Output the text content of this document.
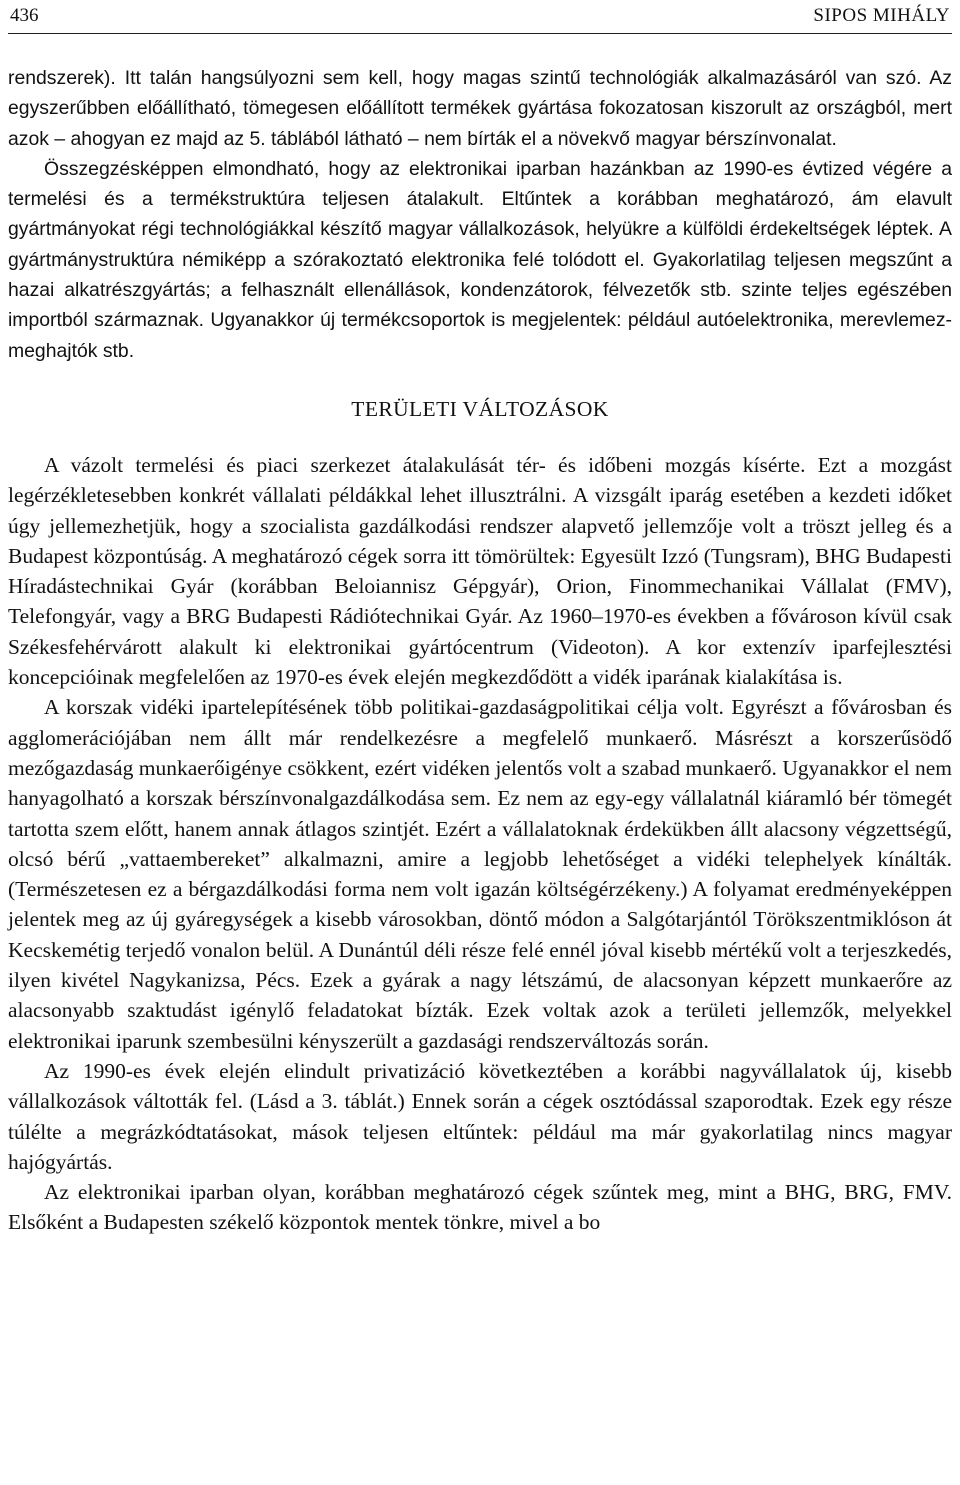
436	SIPOS MIHÁLY

rendszerek). Itt talán hangsúlyozni sem kell, hogy magas szintű technológiák alkalmazásáról van szó. Az egyszerűbben előállítható, tömegesen előállított termékek gyártása fokozatosan kiszorult az országból, mert azok – ahogyan ez majd az 5. táblából látható – nem bírták el a növekvő magyar bérszínvonalat.

Összegzésképpen elmondható, hogy az elektronikai iparban hazánkban az 1990-es évtized végére a termelési és a termékstruktúra teljesen átalakult. Eltűntek a korábban meghatározó, ám elavult gyártmányokat régi technológiákkal készítő magyar vállalkozások, helyükre a külföldi érdekeltségek léptek. A gyártmánystruktúra némiképp a szórakoztató elektronika felé tolódott el. Gyakorlatilag teljesen megszűnt a hazai alkatrészgyártás; a felhasznált ellenállások, kondenzátorok, félvezetők stb. szinte teljes egészében importból származnak. Ugyanakkor új termékcsoportok is megjelentek: például autóelektronika, merevlemez-meghajtók stb.

TERÜLETI VÁLTOZÁSOK

A vázolt termelési és piaci szerkezet átalakulását tér- és időbeni mozgás kísérte. Ezt a mozgást legérzékletesebben konkrét vállalati példákkal lehet illusztrálni. A vizsgált iparág esetében a kezdeti időket úgy jellemezhetjük, hogy a szocialista gazdálkodási rendszer alapvető jellemzője volt a tröszt jelleg és a Budapest központúság. A meghatározó cégek sorra itt tömörültek: Egyesült Izzó (Tungsram), BHG Budapesti Híradástechnikai Gyár (korábban Beloiannisz Gépgyár), Orion, Finommechanikai Vállalat (FMV), Telefongyár, vagy a BRG Budapesti Rádiótechnikai Gyár. Az 1960–1970-es években a fővároson kívül csak Székesfehérvárott alakult ki elektronikai gyártócentrum (Videoton). A kor extenzív iparfejlesztési koncepcióinak megfelelően az 1970-es évek elején megkezdődött a vidék iparának kialakítása is.

A korszak vidéki ipartelepítésének több politikai-gazdaságpolitikai célja volt. Egyrészt a fővárosban és agglomerációjában nem állt már rendelkezésre a megfelelő munkaerő. Másrészt a korszerűsödő mezőgazdaság munkaerőigénye csökkent, ezért vidéken jelentős volt a szabad munkaerő. Ugyanakkor el nem hanyagolható a korszak bérszínvonalgazdálkodása sem. Ez nem az egy-egy vállalatnál kiáramló bér tömegét tartotta szem előtt, hanem annak átlagos szintjét. Ezért a vállalatoknak érdekükben állt alacsony végzettségű, olcsó bérű „vattaembereket” alkalmazni, amire a legjobb lehetőséget a vidéki telephelyek kínálták. (Természetesen ez a bérgazdálkodási forma nem volt igazán költségérzékeny.) A folyamat eredményeképpen jelentek meg az új gyáregységek a kisebb városokban, döntő módon a Salgótarjántól Törökszentmiklóson át Kecskemétig terjedő vonalon belül. A Dunántúl déli része felé ennél jóval kisebb mértékű volt a terjeszkedés, ilyen kivétel Nagykanizsa, Pécs. Ezek a gyárak a nagy létszámú, de alacsonyan képzett munkaerőre az alacsonyabb szaktudást igénylő feladatokat bízták. Ezek voltak azok a területi jellemzők, melyekkel elektronikai iparunk szembesülni kényszerült a gazdasági rendszerváltozás során.

Az 1990-es évek elején elindult privatizáció következtében a korábbi nagyvállalatok új, kisebb vállalkozások váltották fel. (Lásd a 3. táblát.) Ennek során a cégek osztódással szaporodtak. Ezek egy része túlélte a megrázkódtatásokat, mások teljesen eltűntek: például ma már gyakorlatilag nincs magyar hajógyártás.

Az elektronikai iparban olyan, korábban meghatározó cégek szűntek meg, mint a BHG, BRG, FMV. Elsőként a Budapesten székelő központok mentek tönkre, mivel a bo
